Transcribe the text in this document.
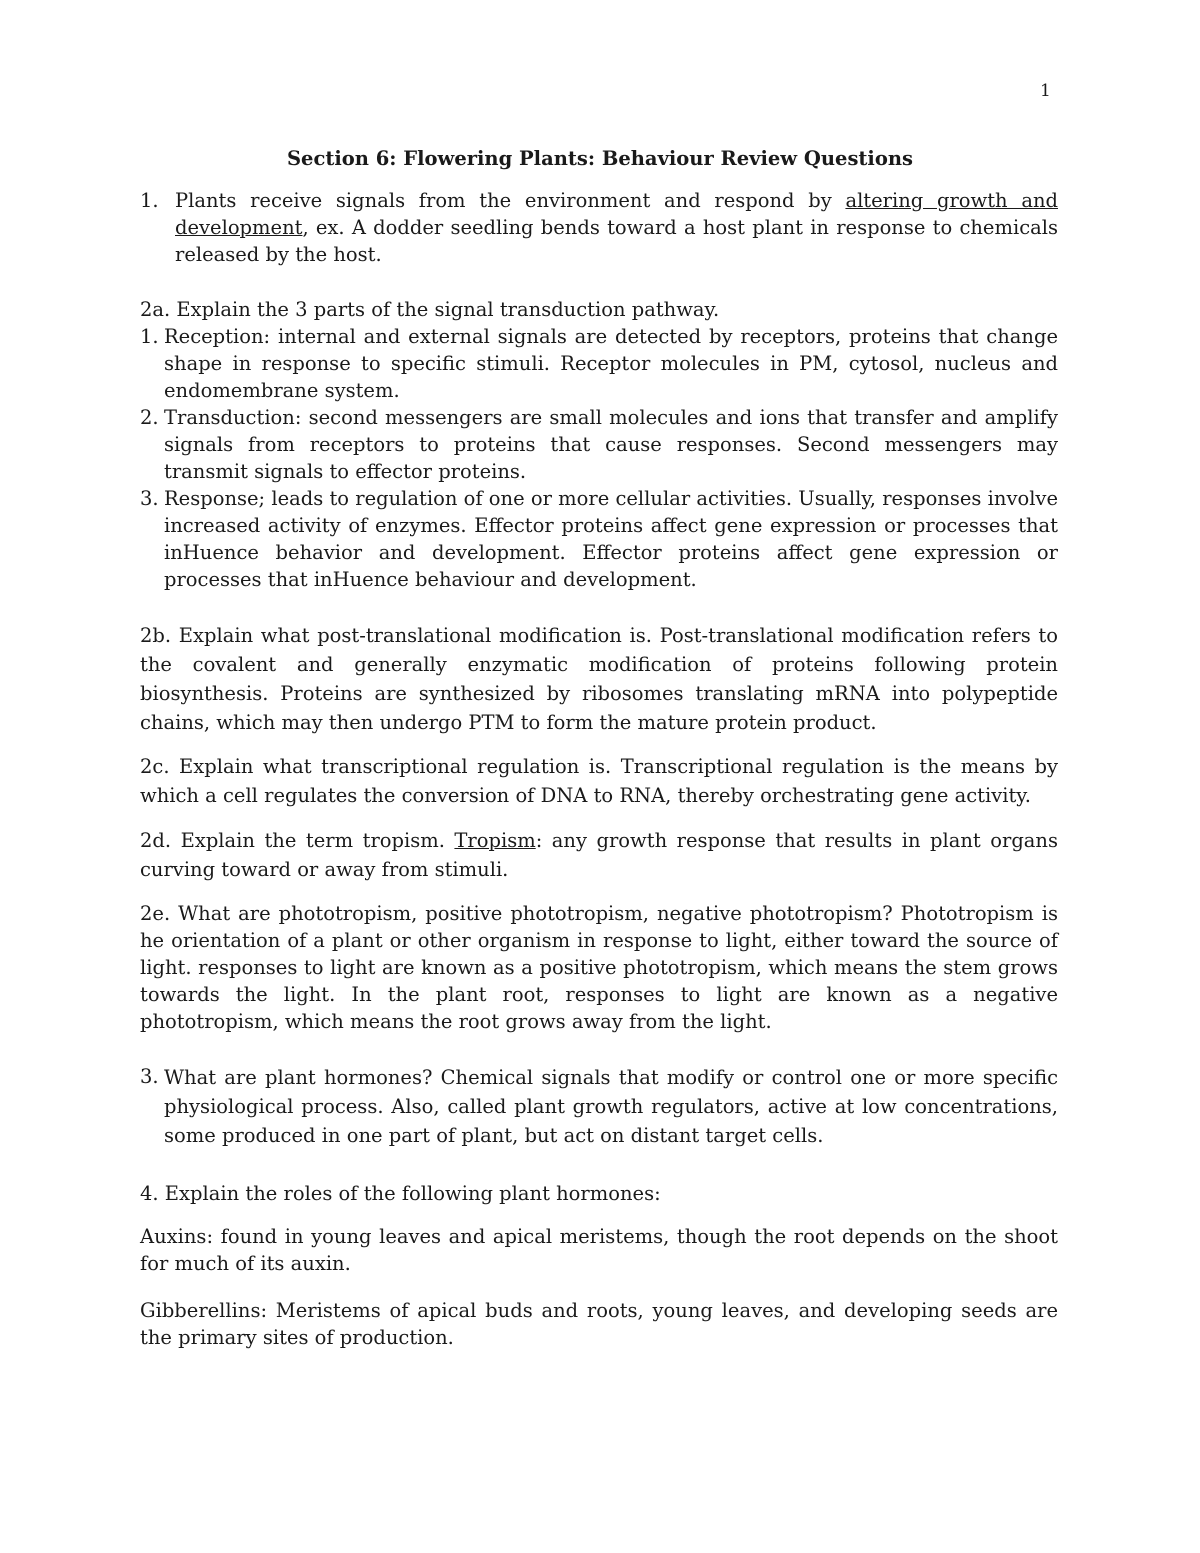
1
Section 6: Flowering Plants: Behaviour Review Questions
1. Plants receive signals from the environment and respond by altering growth and development, ex. A dodder seedling bends toward a host plant in response to chemicals released by the host.

2a. Explain the 3 parts of the signal transduction pathway.

1. Reception: internal and external signals are detected by receptors, proteins that change shape in response to specific stimuli. Receptor molecules in PM, cytosol, nucleus and endomembrane system.
2. Transduction: second messengers are small molecules and ions that transfer and amplify signals from receptors to proteins that cause responses. Second messengers may transmit signals to effector proteins.
3. Response; leads to regulation of one or more cellular activities. Usually, responses involve increased activity of enzymes. Effector proteins affect gene expression or processes that inHuence behavior and development. Effector proteins affect gene expression or processes that inHuence behaviour and development.

2b. Explain what post-translational modification is. Post-translational modification refers to the covalent and generally enzymatic modification of proteins following protein biosynthesis. Proteins are synthesized by ribosomes translating mRNA into polypeptide chains, which may then undergo PTM to form the mature protein product.

2c. Explain what transcriptional regulation is. Transcriptional regulation is the means by which a cell regulates the conversion of DNA to RNA, thereby orchestrating gene activity.

2d. Explain the term tropism. Tropism: any growth response that results in plant organs curving toward or away from stimuli.

2e. What are phototropism, positive phototropism, negative phototropism? Phototropism is he orientation of a plant or other organism in response to light, either toward the source of light. responses to light are known as a positive phototropism, which means the stem grows towards the light. In the plant root, responses to light are known as a negative phototropism, which means the root grows away from the light.

3. What are plant hormones? Chemical signals that modify or control one or more specific physiological process. Also, called plant growth regulators, active at low concentrations, some produced in one part of plant, but act on distant target cells.

4. Explain the roles of the following plant hormones:

Auxins: found in young leaves and apical meristems, though the root depends on the shoot for much of its auxin.

Gibberellins: Meristems of apical buds and roots, young leaves, and developing seeds are the primary sites of production.
